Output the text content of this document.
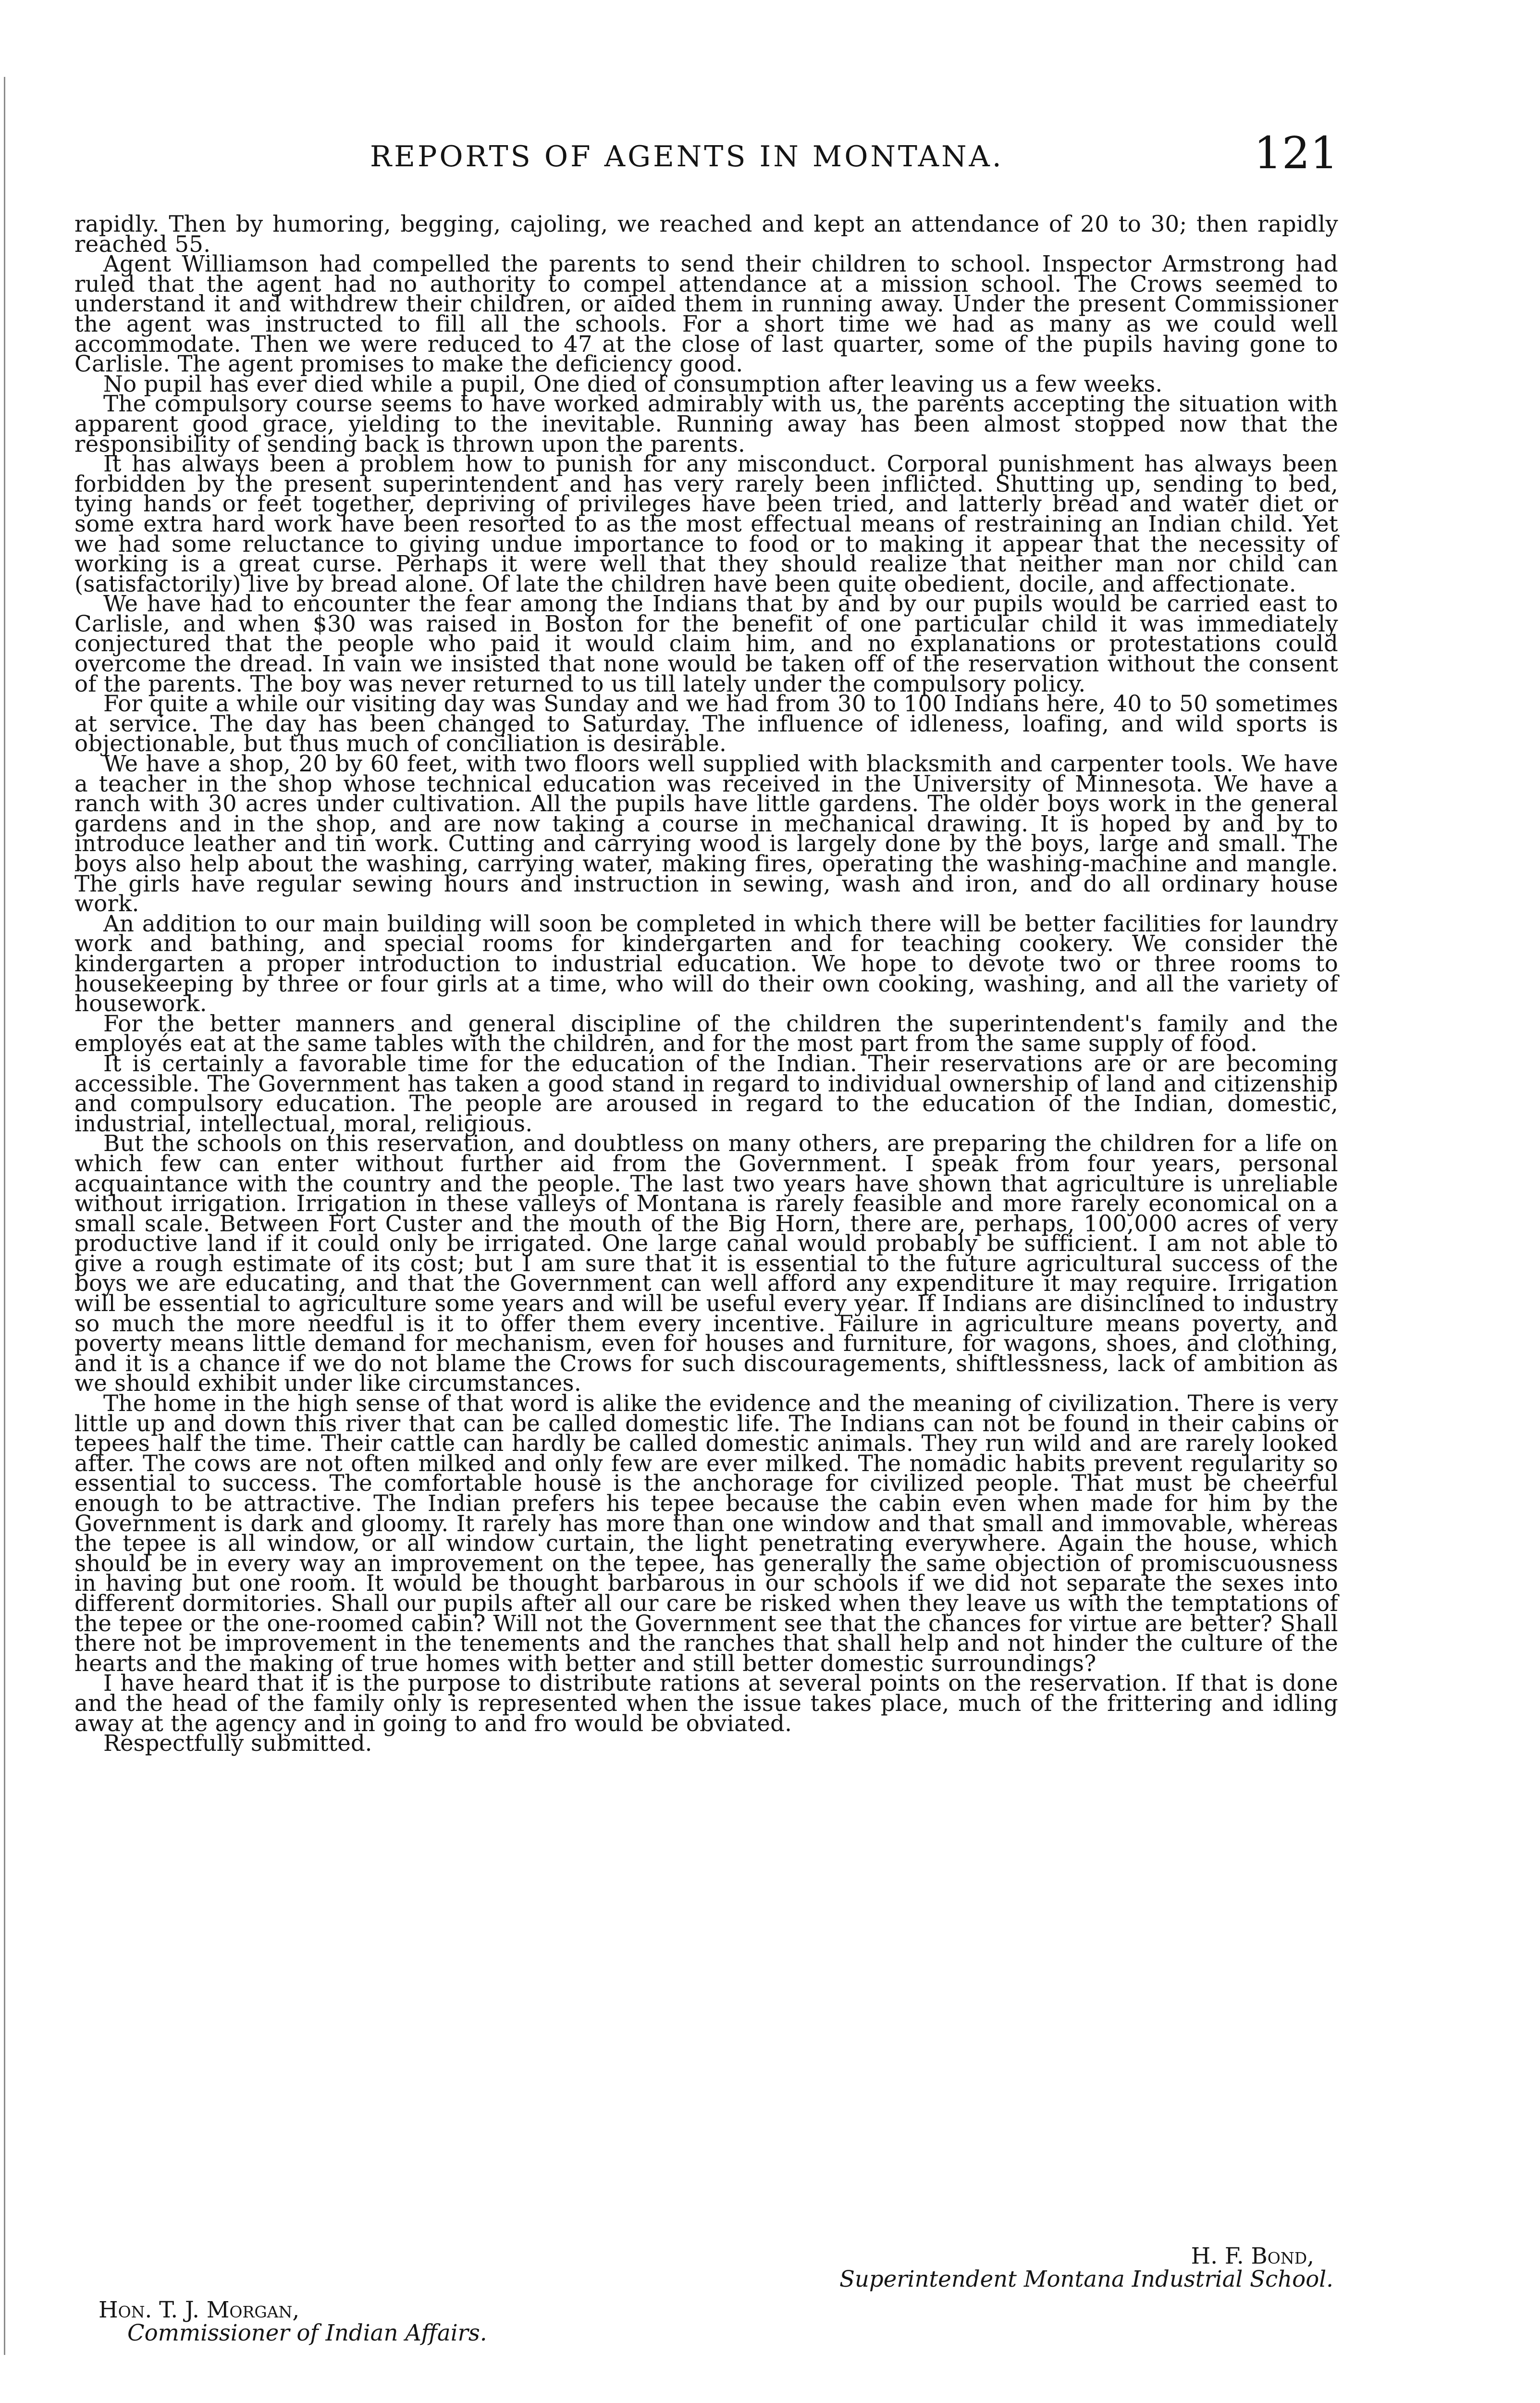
REPORTS OF AGENTS IN MONTANA.	121

rapidly. Then by humoring, begging, cajoling, we reached and kept an attendance of 20 to 30; then rapidly reached 55.

Agent Williamson had compelled the parents to send their children to school. Inspector Armstrong had ruled that the agent had no authority to compel attendance at a mission school. The Crows seemed to understand it and withdrew their children, or aided them in running away. Under the present Commissioner the agent was instructed to fill all the schools. For a short time we had as many as we could well accommodate. Then we were reduced to 47 at the close of last quarter, some of the pupils having gone to Carlisle. The agent promises to make the deficiency good.

No pupil has ever died while a pupil, One died of consumption after leaving us a few weeks.

The compulsory course seems to have worked admirably with us, the parents accepting the situation with apparent good grace, yielding to the inevitable. Running away has been almost stopped now that the responsibility of sending back is thrown upon the parents.

It has always been a problem how to punish for any misconduct. Corporal punishment has always been forbidden by the present superintendent and has very rarely been inflicted. Shutting up, sending to bed, tying hands or feet together, depriving of privileges have been tried, and latterly bread and water diet or some extra hard work have been resorted to as the most effectual means of restraining an Indian child. Yet we had some reluctance to giving undue importance to food or to making it appear that the necessity of working is a great curse. Perhaps it were well that they should realize that neither man nor child can (satisfactorily) live by bread alone. Of late the children have been quite obedient, docile, and affectionate.

We have had to encounter the fear among the Indians that by and by our pupils would be carried east to Carlisle, and when $30 was raised in Boston for the benefit of one particular child it was immediately conjectured that the people who paid it would claim him, and no explanations or protestations could overcome the dread. In vain we insisted that none would be taken off of the reservation without the consent of the parents. The boy was never returned to us till lately under the compulsory policy.

For quite a while our visiting day was Sunday and we had from 30 to 100 Indians here, 40 to 50 sometimes at service. The day has been changed to Saturday. The influence of idleness, loafing, and wild sports is objectionable, but thus much of conciliation is desirable.

We have a shop, 20 by 60 feet, with two floors well supplied with blacksmith and carpenter tools. We have a teacher in the shop whose technical education was received in the University of Minnesota. We have a ranch with 30 acres under cultivation. All the pupils have little gardens. The older boys work in the general gardens and in the shop, and are now taking a course in mechanical drawing. It is hoped by and by to introduce leather and tin work. Cutting and carrying wood is largely done by the boys, large and small. The boys also help about the washing, carrying water, making fires, operating the washing-machine and mangle. The girls have regular sewing hours and instruction in sewing, wash and iron, and do all ordinary house work.

An addition to our main building will soon be completed in which there will be better facilities for laundry work and bathing, and special rooms for kindergarten and for teaching cookery. We consider the kindergarten a proper introduction to industrial education. We hope to devote two or three rooms to housekeeping by three or four girls at a time, who will do their own cooking, washing, and all the variety of housework.

For the better manners and general discipline of the children the superintendent's family and the employés eat at the same tables with the children, and for the most part from the same supply of food.

It is certainly a favorable time for the education of the Indian. Their reservations are or are becoming accessible. The Government has taken a good stand in regard to individual ownership of land and citizenship and compulsory education. The people are aroused in regard to the education of the Indian, domestic, industrial, intellectual, moral, religious.

But the schools on this reservation, and doubtless on many others, are preparing the children for a life on which few can enter without further aid from the Government. I speak from four years, personal acquaintance with the country and the people. The last two years have shown that agriculture is unreliable without irrigation. Irrigation in these valleys of Montana is rarely feasible and more rarely economical on a small scale. Between Fort Custer and the mouth of the Big Horn, there are, perhaps, 100,000 acres of very productive land if it could only be irrigated. One large canal would probably be sufficient. I am not able to give a rough estimate of its cost; but I am sure that it is essential to the future agricultural success of the boys we are educating, and that the Government can well afford any expenditure it may require. Irrigation will be essential to agriculture some years and will be useful every year. If Indians are disinclined to industry so much the more needful is it to offer them every incentive. Failure in agriculture means poverty, and poverty means little demand for mechanism, even for houses and furniture, for wagons, shoes, and clothing, and it is a chance if we do not blame the Crows for such discouragements, shiftlessness, lack of ambition as we should exhibit under like circumstances.

The home in the high sense of that word is alike the evidence and the meaning of civilization. There is very little up and down this river that can be called domestic life. The Indians can not be found in their cabins or tepees half the time. Their cattle can hardly be called domestic animals. They run wild and are rarely looked after. The cows are not often milked and only few are ever milked. The nomadic habits prevent regularity so essential to success. The comfortable house is the anchorage for civilized people. That must be cheerful enough to be attractive. The Indian prefers his tepee because the cabin even when made for him by the Government is dark and gloomy. It rarely has more than one window and that small and immovable, whereas the tepee is all window, or all window curtain, the light penetrating everywhere. Again the house, which should be in every way an improvement on the tepee, has generally the same objection of promiscuousness in having but one room. It would be thought barbarous in our schools if we did not separate the sexes into different dormitories. Shall our pupils after all our care be risked when they leave us with the temptations of the tepee or the one-roomed cabin? Will not the Government see that the chances for virtue are better? Shall there not be improvement in the tenements and the ranches that shall help and not hinder the culture of the hearts and the making of true homes with better and still better domestic surroundings?

I have heard that it is the purpose to distribute rations at several points on the reservation. If that is done and the head of the family only is represented when the issue takes place, much of the frittering and idling away at the agency and in going to and fro would be obviated.

Respectfully submitted.

H. F. Bond,
Superintendent Montana Industrial School.
Hon. T. J. Morgan,
Commissioner of Indian Affairs.
